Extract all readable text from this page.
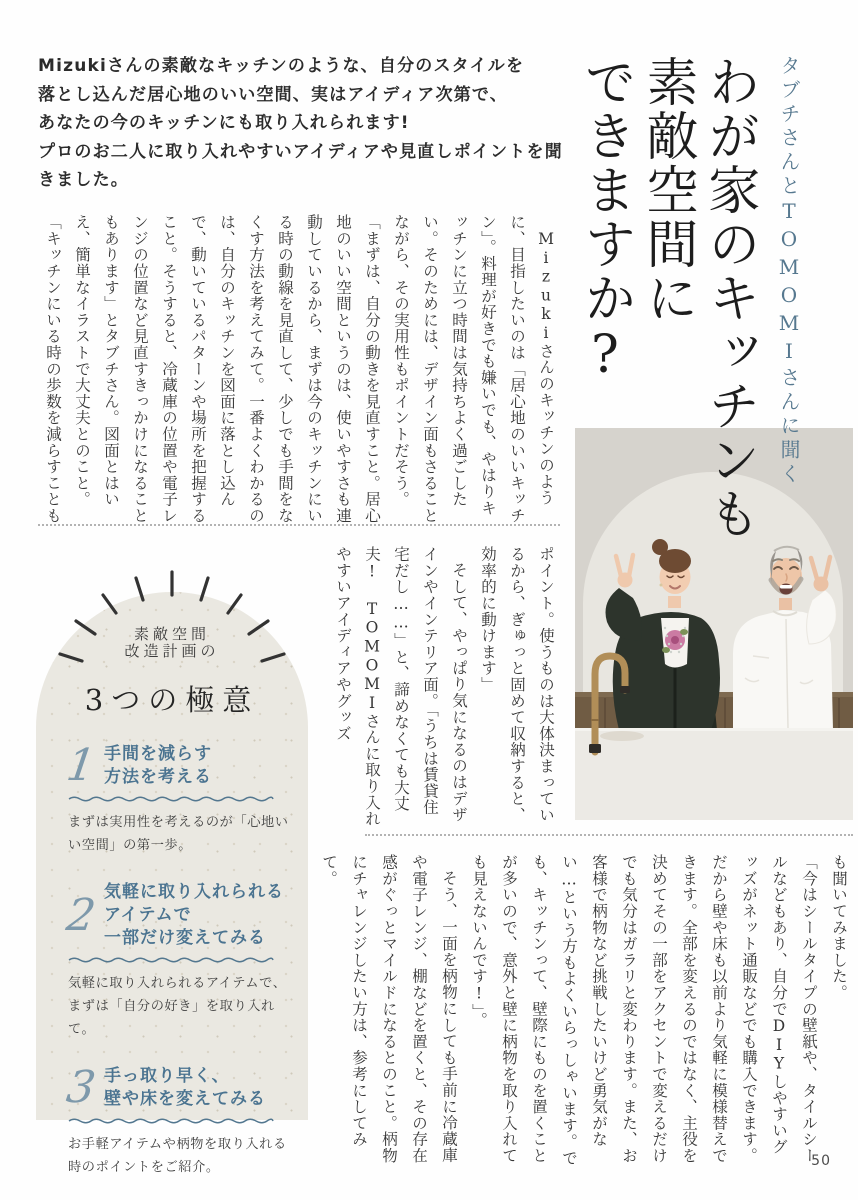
Mizukiさんの素敵なキッチンのような、自分のスタイルを
落とし込んだ居心地のいい空間、実はアイディア次第で、
あなたの今のキッチンにも取り入れられます!
プロのお二人に取り入れやすいアイディアや見直しポイントを聞きました。	タブチさんとTOMOMIさんに聞く
わが家のキッチンも
素敵空間に
できますか?

Mizukiさんのキッチンのように、目指したいのは「居心地のいいキッチン」。料理が好きでも嫌いでも、やはりキッチンに立つ時間は気持ちよく過ごしたい。そのためには、デザイン面もさることながら、その実用性もポイントだそう。

「まずは、自分の動きを見直すこと。居心地のいい空間というのは、使いやすさも連動しているから、まずは今のキッチンにいる時の動線を見直して、少しでも手間をなくす方法を考えてみて。一番よくわかるのは、自分のキッチンを図面に落とし込んで、動いているパターンや場所を把握すること。そうすると、冷蔵庫の位置や電子レンジの位置など見直すきっかけになることもあります」とタブチさん。図面とはいえ、簡単なイラストで大丈夫とのこと。

「キッチンにいる時の歩数を減らすことも

ポイント。使うものは大体決まっているから、ぎゅっと固めて収納すると、効率的に動けます」

そして、やっぱり気になるのはデザインやインテリア面。「うちは賃貸住宅だし……」と、諦めなくても大丈夫! TOMOMIさんに取り入れやすいアイディアやグッズ

も聞いてみました。

「今はシールタイプの壁紙や、タイルシールなどもあり、自分でDIYしやすいグッズがネット通販などでも購入できます。だから壁や床も以前より気軽に模様替えできます。全部を変えるのではなく、主役を決めてその一部をアクセントで変えるだけでも気分はガラリと変わります。また、お客様で柄物など挑戦したいけど勇気がない…という方もよくいらっしゃいます。でも、キッチンって、壁際にものを置くことが多いので、意外と壁に柄物を取り入れても見えないんです!」。

そう、一面を柄物にしても手前に冷蔵庫や電子レンジ、棚などを置くと、その存在感がぐっとマイルドになるとのこと。柄物にチャレンジしたい方は、参考にしてみて。

素敵空間
改造計画の
3つの極意
1 手間を減らす
方法を考える

まずは実用性を考えるのが「心地いい空間」の第一歩。

2 気軽に取り入れられる
アイテムで
一部だけ変えてみる

気軽に取り入れられるアイテムで、まずは「自分の好き」を取り入れて。

3 手っ取り早く、
壁や床を変えてみる

お手軽アイテムや柄物を取り入れる時のポイントをご紹介。	50
